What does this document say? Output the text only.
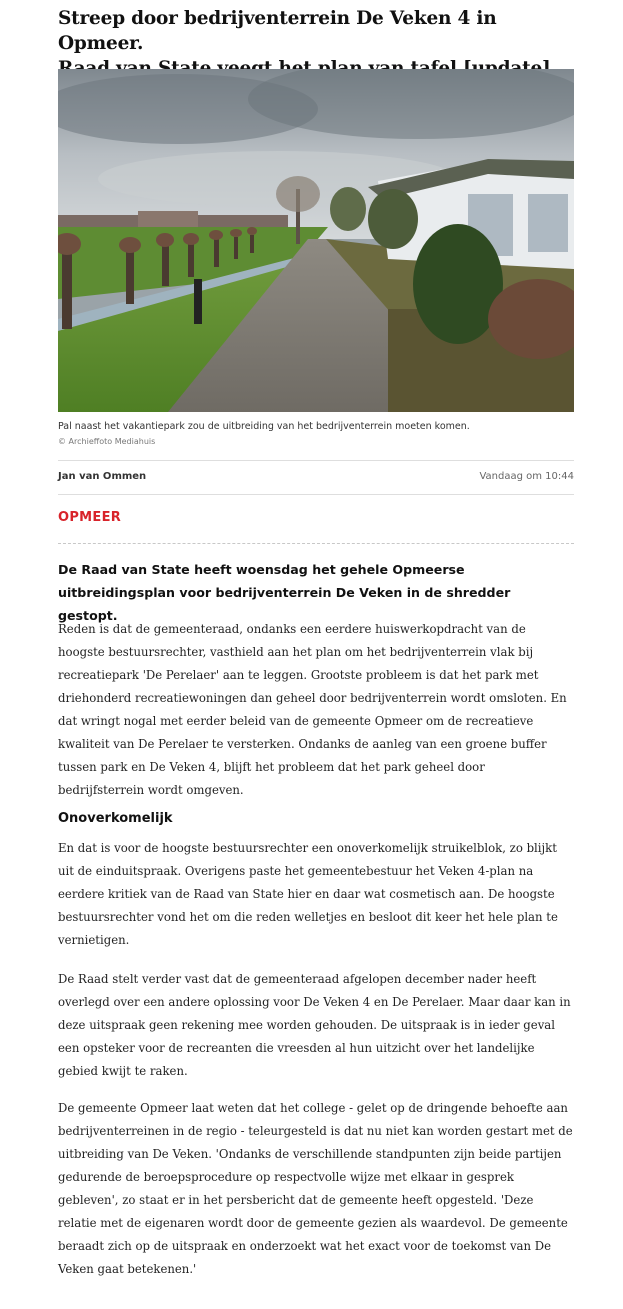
Streep door bedrijventerrein De Veken 4 in Opmeer.

Pal naast het vakantiepark zou de uitbreiding van het bedrijventerrein moeten komen.

© Archieffoto Mediahuis

Jan van Ommen	Vandaag om 10:44
OPMEER

De Raad van State heeft woensdag het gehele Opmeerse uitbreidingsplan voor bedrijventerrein De Veken in de shredder gestopt.

Reden is dat de gemeenteraad, ondanks een eerdere huiswerkopdracht van de hoogste bestuursrechter, vasthield aan het plan om het bedrijventerrein vlak bij recreatiepark 'De Perelaer' aan te leggen. Grootste probleem is dat het park met driehonderd recreatiewoningen dan geheel door bedrijventerrein wordt omsloten. En dat wringt nogal met eerder beleid van de gemeente Opmeer om de recreatieve kwaliteit van De Perelaer te versterken. Ondanks de aanleg van een groene buffer tussen park en De Veken 4, blijft het probleem dat het park geheel door bedrijfsterrein wordt omgeven.

Onoverkomelijk

En dat is voor de hoogste bestuursrechter een onoverkomelijk struikelblok, zo blijkt uit de einduitspraak. Overigens paste het gemeentebestuur het Veken 4-plan na eerdere kritiek van de Raad van State hier en daar wat cosmetisch aan. De hoogste bestuursrechter vond het om die reden welletjes en besloot dit keer het hele plan te vernietigen.

De Raad stelt verder vast dat de gemeenteraad afgelopen december nader heeft overlegd over een andere oplossing voor De Veken 4 en De Perelaer. Maar daar kan in deze uitspraak geen rekening mee worden gehouden. De uitspraak is in ieder geval een opsteker voor de recreanten die vreesden al hun uitzicht over het landelijke gebied kwijt te raken.

De gemeente Opmeer laat weten dat het college - gelet op de dringende behoefte aan bedrijventerreinen in de regio - teleurgesteld is dat nu niet kan worden gestart met de uitbreiding van De Veken. 'Ondanks de verschillende standpunten zijn beide partijen gedurende de beroepsprocedure op respectvolle wijze met elkaar in gesprek gebleven', zo staat er in het persbericht dat de gemeente heeft opgesteld. 'Deze relatie met de eigenaren wordt door de gemeente gezien als waardevol. De gemeente beraadt zich op de uitspraak en onderzoekt wat het exact voor de toekomst van De Veken gaat betekenen.'
